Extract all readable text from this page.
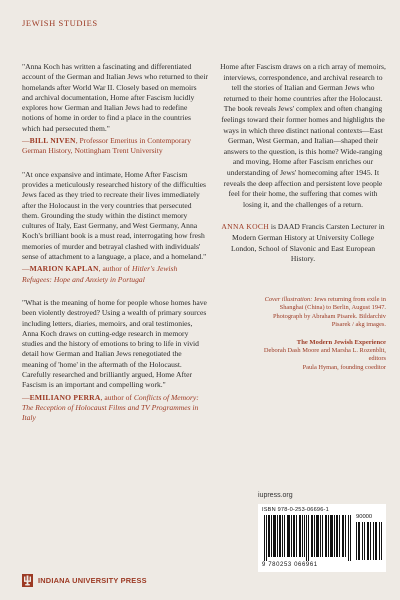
JEWISH STUDIES

"Anna Koch has written a fascinating and differentiated account of the German and Italian Jews who returned to their homelands after World War II. Closely based on memoirs and archival documentation, Home after Fascism lucidly explores how German and Italian Jews had to redefine notions of home in order to find a place in the countries which had persecuted them."

—BILL NIVEN, Professor Emeritus in Contemporary German History, Nottingham Trent University

"At once expansive and intimate, Home After Fascism provides a meticulously researched history of the difficulties Jews faced as they tried to recreate their lives immediately after the Holocaust in the very countries that persecuted them. Grounding the study within the distinct memory cultures of Italy, East Germany, and West Germany, Anna Koch's brilliant book is a must read, interrogating how fresh memories of murder and betrayal clashed with individuals' sense of attachment to a language, a place, and a homeland."

—MARION KAPLAN, author of Hitler's Jewish Refugees: Hope and Anxiety in Portugal

"What is the meaning of home for people whose homes have been violently destroyed? Using a wealth of primary sources including letters, diaries, memoirs, and oral testimonies, Anna Koch draws on cutting-edge research in memory studies and the history of emotions to bring to life in vivid detail how German and Italian Jews renegotiated the meaning of 'home' in the aftermath of the Holocaust. Carefully researched and brilliantly argued, Home After Fascism is an important and compelling work."

—EMILIANO PERRA, author of Conflicts of Memory: The Reception of Holocaust Films and TV Programmes in Italy

Home after Fascism draws on a rich array of memoirs, interviews, correspondence, and archival research to tell the stories of Italian and German Jews who returned to their home countries after the Holocaust. The book reveals Jews' complex and often changing feelings toward their former homes and highlights the ways in which three distinct national contexts—East German, West German, and Italian—shaped their answers to the question, is this home? Wide-ranging and moving, Home after Fascism enriches our understanding of Jews' homecoming after 1945. It reveals the deep affection and persistent love people feel for their home, the suffering that comes with losing it, and the challenges of a return.

ANNA KOCH is DAAD Francis Carsten Lecturer in Modern German History at University College London, School of Slavonic and East European History.

Cover illustration: Jews returning from exile in Shanghai (China) to Berlin, August 1947. Photograph by Abraham Pisarek. Bildarchiv Pisarek / akg images.

The Modern Jewish Experience

Deborah Dash Moore and Marsha L. Rozenblit, editors

Paula Hyman, founding coeditor

iupress.org
ISBN 978-0-253-06696-1
90000
9 780253 066961
INDIANA UNIVERSITY PRESS
